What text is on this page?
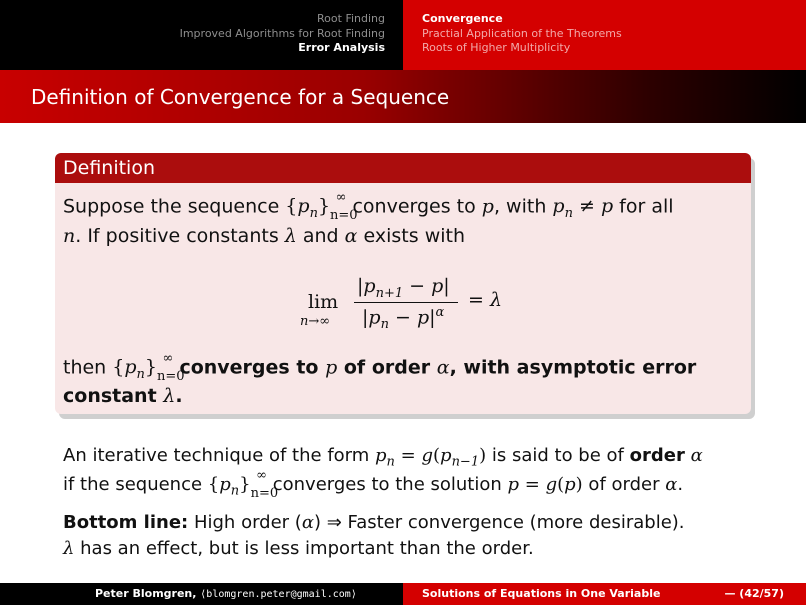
Root Finding
Improved Algorithms for Root Finding
Error Analysis
Convergence
Practial Application of the Theorems
Roots of Higher Multiplicity
Definition of Convergence for a Sequence
Definition
Suppose the sequence $\{p_n\}_{n=0}^\infty$ converges to p, with $p_n \ne p$ for all
n. If positive constants λ and α exists with
lim
n→∞
$|p_{n+1} - p|$
$|p_n - p|^\alpha$
= λ
then $\{p_n\}_{n=0}^\infty$ converges to p of order α, with asymptotic error
constant λ.
An iterative technique of the form $p_n = g(p_{n-1})$ is said to be of order α
if the sequence $\{p_n\}_{n=0}^\infty$ converges to the solution p = g(p) of order α.
Bottom line: High order (α) ⇒ Faster convergence (more desirable).
λ has an effect, but is less important than the order.
Peter Blomgren, ⟨blomgren.peter@gmail.com⟩	Solutions of Equations in One Variable	— (42/57)
